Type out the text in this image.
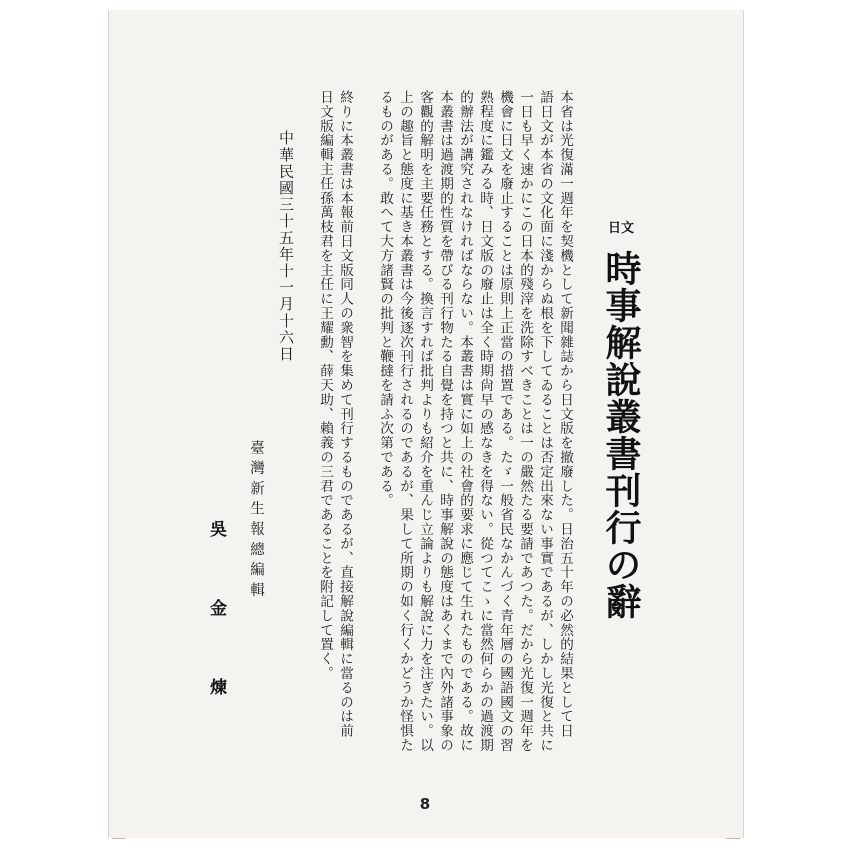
日文
時事解說叢書刊行の辭
本省は光復滿一週年を契機として新聞雜誌から日文版を撤廢した。日治五十年の必然的結果として日
語日文が本省の文化面に淺からぬ根を下してゐることは否定出來ない事實であるが、しかし光復と共に
一日も早く速かにこの日本的殘滓を洗除すべきことは一の嚴然たる要請であつた。だから光復一週年を
機會に日文を廢止することは原則上正當の措置である。たゞ一般省民なかんづく青年層の國語國文の習
熟程度に鑑みる時、日文版の廢止は全く時期尙早の感なきを得ない。從つてこゝに當然何らかの過渡期
的辦法が講究されなければならない。本叢書は實に如上の社會的要求に應じて生れたものである。故に
本叢書は過渡期的性質を帶びる刊行物たる自覺を持つと共に、時事解說の態度はあくまで內外諸事象の
客觀的解明を主要任務とする。換言すれば批判よりも紹介を重んじ立論よりも解說に力を注ぎたい。以
上の趣旨と態度に基き本叢書は今後逐次刊行されるのであるが、果して所期の如く行くかどうか怪惧た
るものがある。敢へて大方諸賢の批判と鞭撻を請ふ次第である。
終りに本叢書は本報前日文版同人の衆智を集めて刊行するものであるが、直接解說編輯に當るのは前
日文版編輯主任孫萬枝君を主任に王耀勳、薛天助、賴義の三君であることを附記して置く。
中華民國三十五年十一月十六日
臺灣新生報總編輯
吳金煉
8
